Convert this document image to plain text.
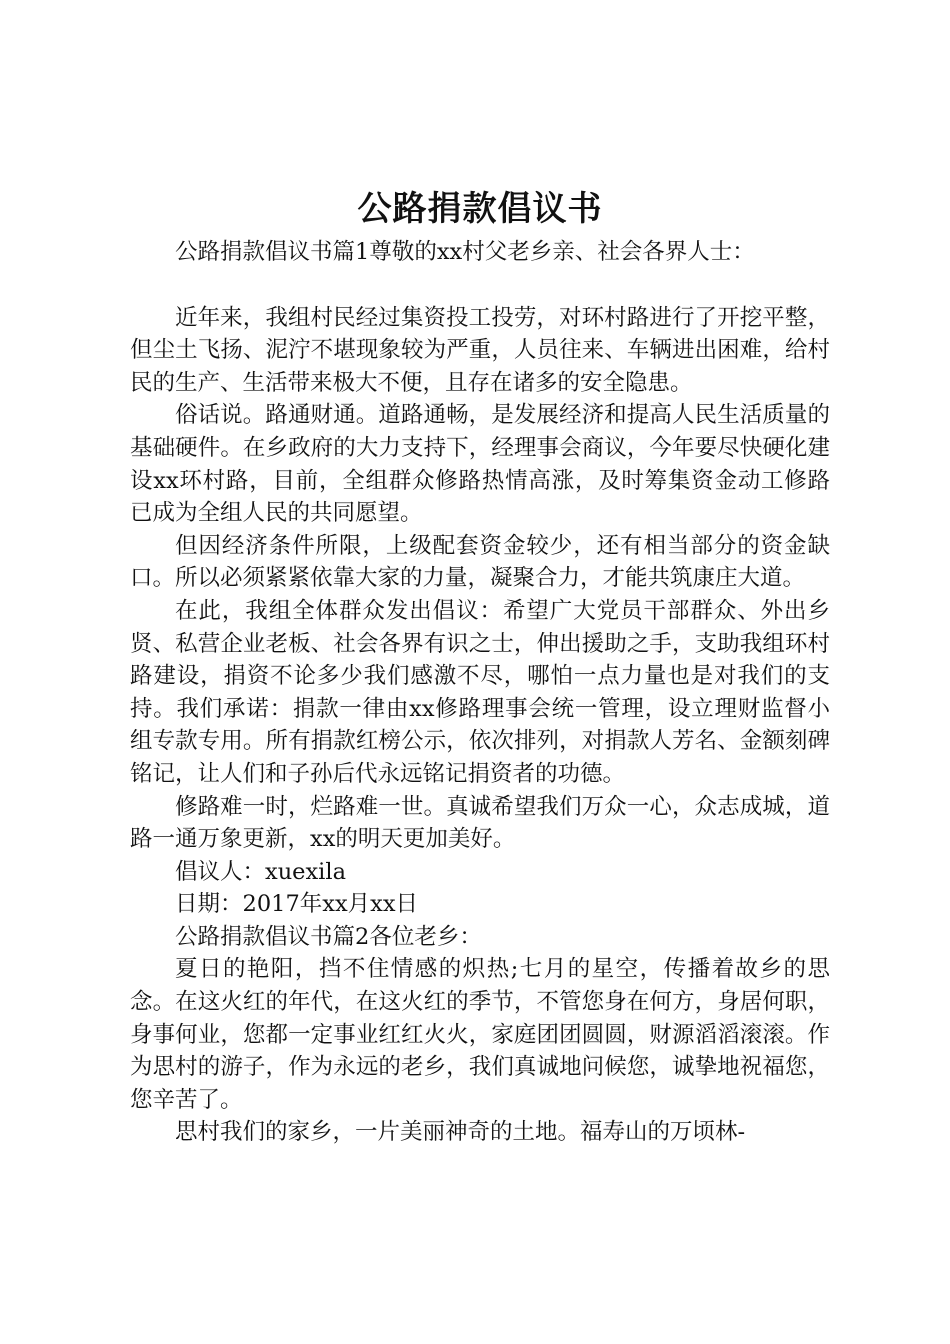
公路捐款倡议书

公路捐款倡议书篇1尊敬的xx村父老乡亲、社会各界人士：

近年来，我组村民经过集资投工投劳，对环村路进行了开挖平整，但尘土飞扬、泥泞不堪现象较为严重，人员往来、车辆进出困难，给村民的生产、生活带来极大不便，且存在诸多的安全隐患。

俗话说。路通财通。道路通畅，是发展经济和提高人民生活质量的基础硬件。在乡政府的大力支持下，经理事会商议，今年要尽快硬化建设xx环村路，目前，全组群众修路热情高涨，及时筹集资金动工修路已成为全组人民的共同愿望。

但因经济条件所限，上级配套资金较少，还有相当部分的资金缺口。所以必须紧紧依靠大家的力量，凝聚合力，才能共筑康庄大道。

在此，我组全体群众发出倡议：希望广大党员干部群众、外出乡贤、私营企业老板、社会各界有识之士，伸出援助之手，支助我组环村路建设，捐资不论多少我们感激不尽，哪怕一点力量也是对我们的支持。我们承诺：捐款一律由xx修路理事会统一管理，设立理财监督小组专款专用。所有捐款红榜公示，依次排列，对捐款人芳名、金额刻碑铭记，让人们和子孙后代永远铭记捐资者的功德。

修路难一时，烂路难一世。真诚希望我们万众一心，众志成城，道路一通万象更新，xx的明天更加美好。

倡议人：xuexila

日期：2017年xx月xx日

公路捐款倡议书篇2各位老乡：

夏日的艳阳，挡不住情感的炽热;七月的星空，传播着故乡的思念。在这火红的年代，在这火红的季节，不管您身在何方，身居何职，身事何业，您都一定事业红红火火，家庭团团圆圆，财源滔滔滚滚。作为思村的游子，作为永远的老乡，我们真诚地问候您，诚挚地祝福您，您辛苦了。

思村我们的家乡，一片美丽神奇的土地。福寿山的万顷林-
